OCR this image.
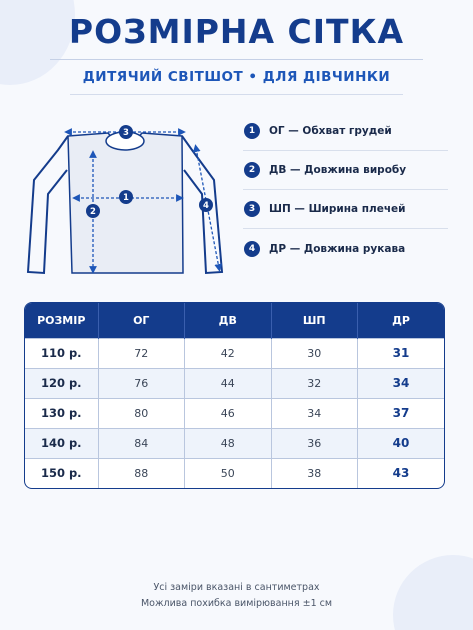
РОЗМІРНА СІТКА
ДИТЯЧИЙ СВІТШОТ • ДЛЯ ДІВЧИНКИ
3
1
2
4
1	ОГ — Обхват грудей
2	ДВ — Довжина виробу
3	ШП — Ширина плечей
4	ДР — Довжина рукава
РОЗМІР	ОГ	ДВ	ШП	ДР
110 р.	72	42	30	31
120 р.	76	44	32	34
130 р.	80	46	34	37
140 р.	84	48	36	40
150 р.	88	50	38	43
Усі заміри вказані в сантиметрах
Можлива похибка вимірювання ±1 см
